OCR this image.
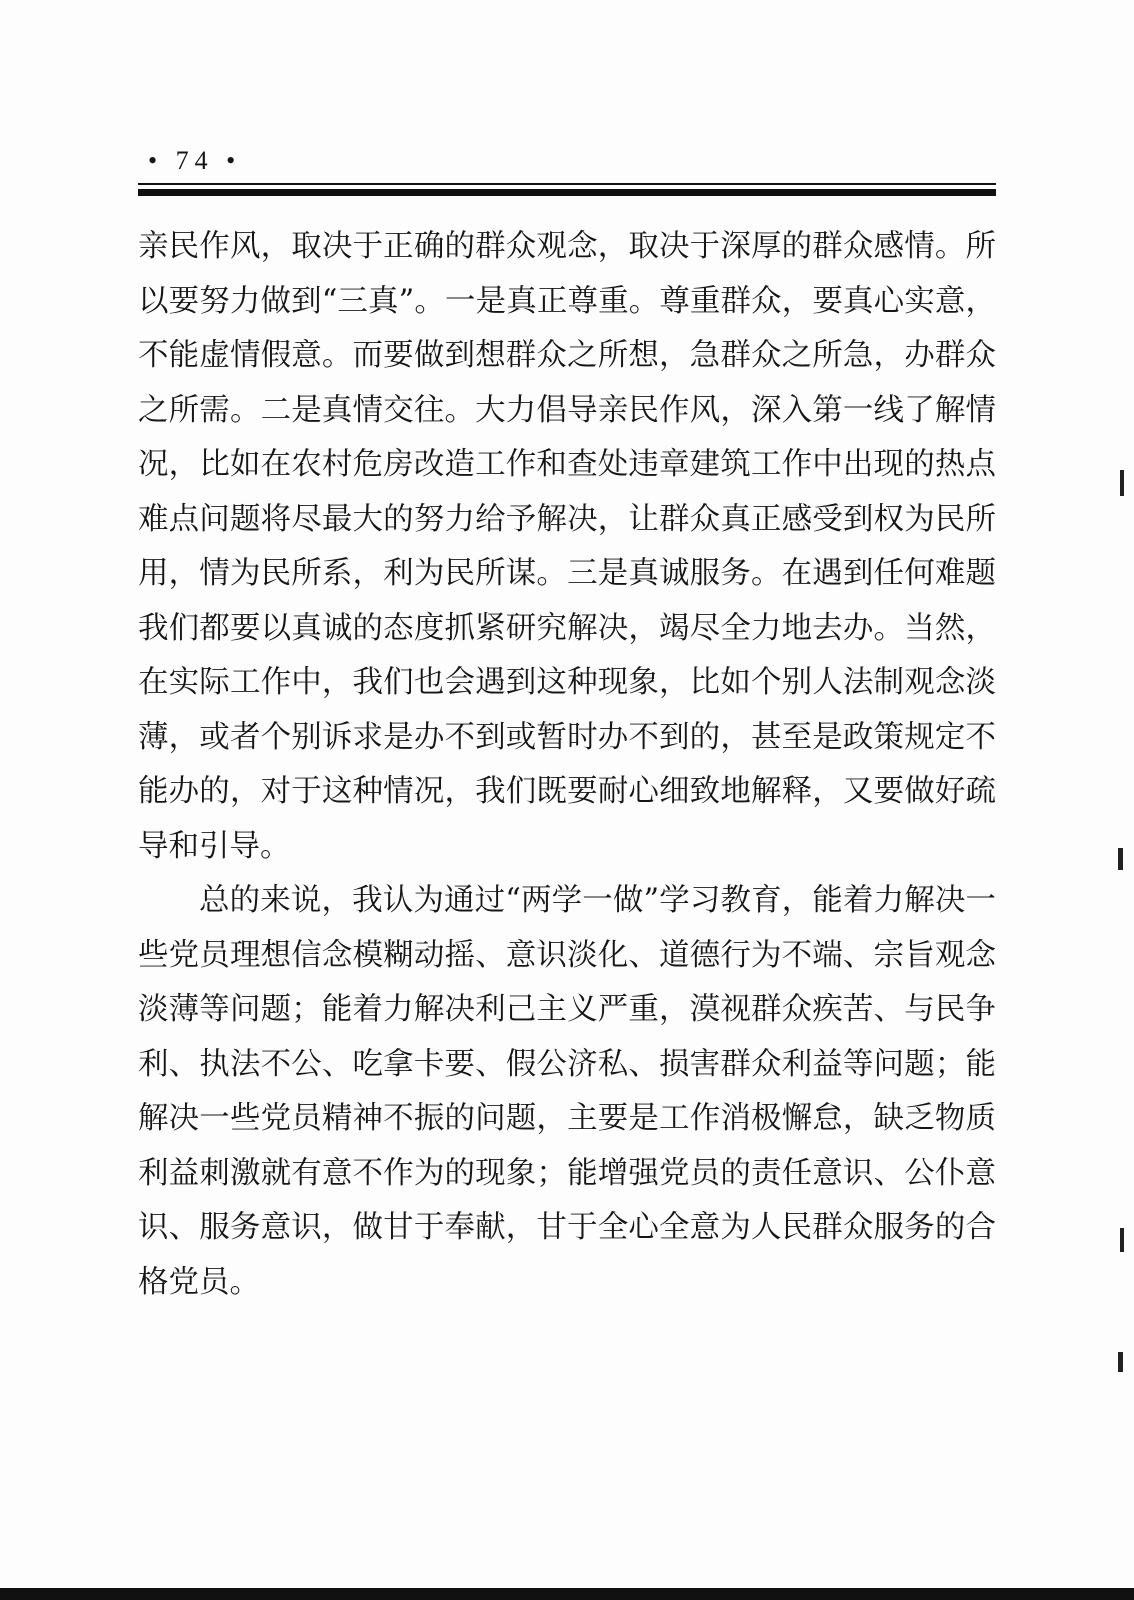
• 74 •

亲民作风，取决于正确的群众观念，取决于深厚的群众感情。所以要努力做到“三真”。一是真正尊重。尊重群众，要真心实意，不能虚情假意。而要做到想群众之所想，急群众之所急，办群众之所需。二是真情交往。大力倡导亲民作风，深入第一线了解情况，比如在农村危房改造工作和查处违章建筑工作中出现的热点难点问题将尽最大的努力给予解决，让群众真正感受到权为民所用，情为民所系，利为民所谋。三是真诚服务。在遇到任何难题我们都要以真诚的态度抓紧研究解决，竭尽全力地去办。当然，在实际工作中，我们也会遇到这种现象，比如个别人法制观念淡薄，或者个别诉求是办不到或暂时办不到的，甚至是政策规定不能办的，对于这种情况，我们既要耐心细致地解释，又要做好疏导和引导。

总的来说，我认为通过“两学一做”学习教育，能着力解决一些党员理想信念模糊动摇、意识淡化、道德行为不端、宗旨观念淡薄等问题；能着力解决利己主义严重，漠视群众疾苦、与民争利、执法不公、吃拿卡要、假公济私、损害群众利益等问题；能解决一些党员精神不振的问题，主要是工作消极懈怠，缺乏物质利益刺激就有意不作为的现象；能增强党员的责任意识、公仆意识、服务意识，做甘于奉献，甘于全心全意为人民群众服务的合格党员。
